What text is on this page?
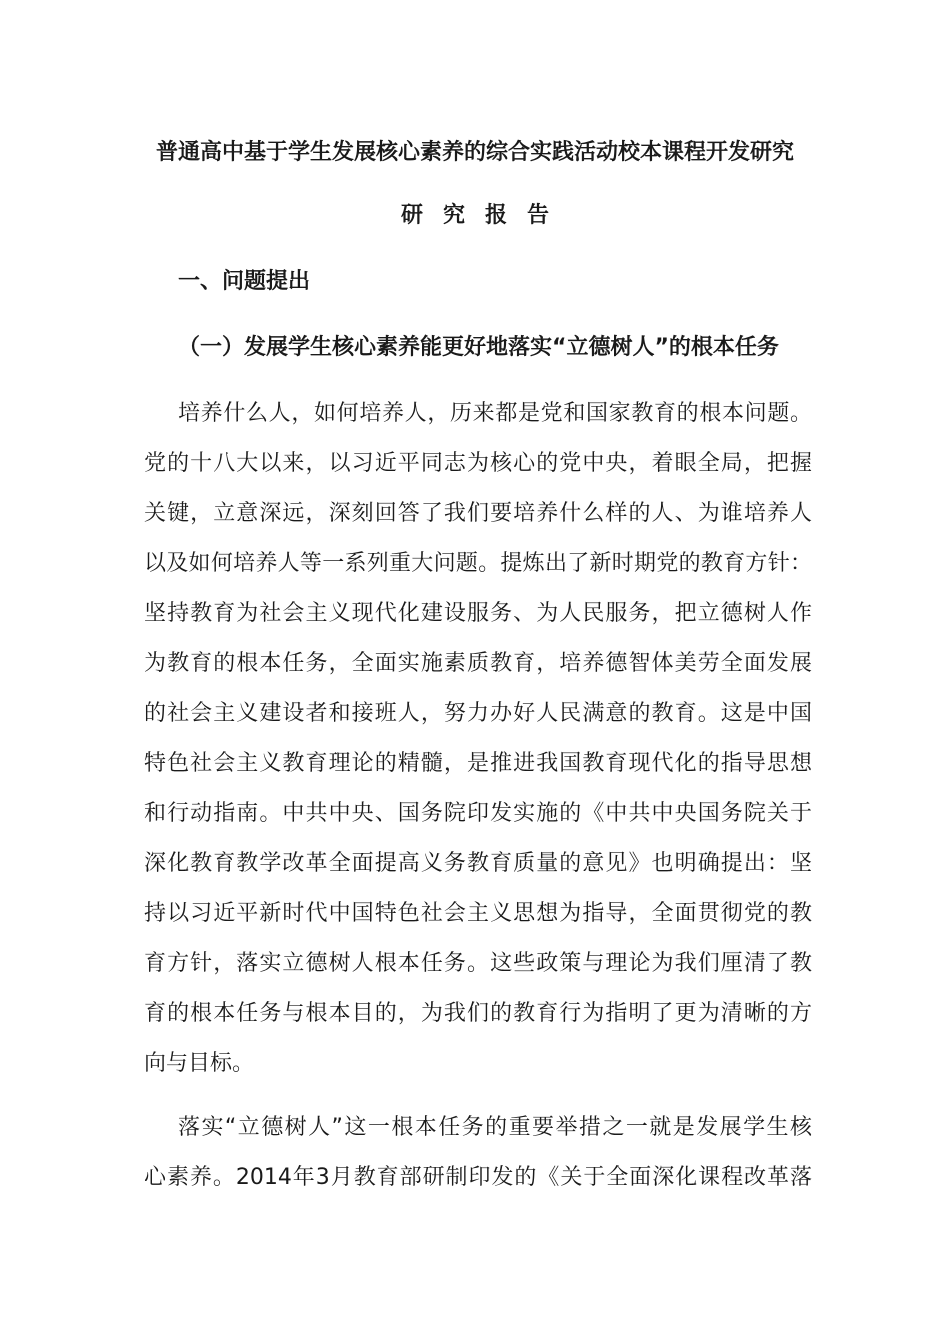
普通高中基于学生发展核心素养的综合实践活动校本课程开发研究
研究报告
一、问题提出
（一）发展学生核心素养能更好地落实“立德树人”的根本任务
培养什么人，如何培养人，历来都是党和国家教育的根本问题。
党的十八大以来，以习近平同志为核心的党中央，着眼全局，把握
关键，立意深远，深刻回答了我们要培养什么样的人、为谁培养人
以及如何培养人等一系列重大问题。提炼出了新时期党的教育方针：
坚持教育为社会主义现代化建设服务、为人民服务，把立德树人作
为教育的根本任务，全面实施素质教育，培养德智体美劳全面发展
的社会主义建设者和接班人，努力办好人民满意的教育。这是中国
特色社会主义教育理论的精髓，是推进我国教育现代化的指导思想
和行动指南。中共中央、国务院印发实施的《中共中央国务院关于
深化教育教学改革全面提高义务教育质量的意见》也明确提出：坚
持以习近平新时代中国特色社会主义思想为指导，全面贯彻党的教
育方针，落实立德树人根本任务。这些政策与理论为我们厘清了教
育的根本任务与根本目的，为我们的教育行为指明了更为清晰的方
向与目标。
落实“立德树人”这一根本任务的重要举措之一就是发展学生核
心素养。2014年3月教育部研制印发的《关于全面深化课程改革落
